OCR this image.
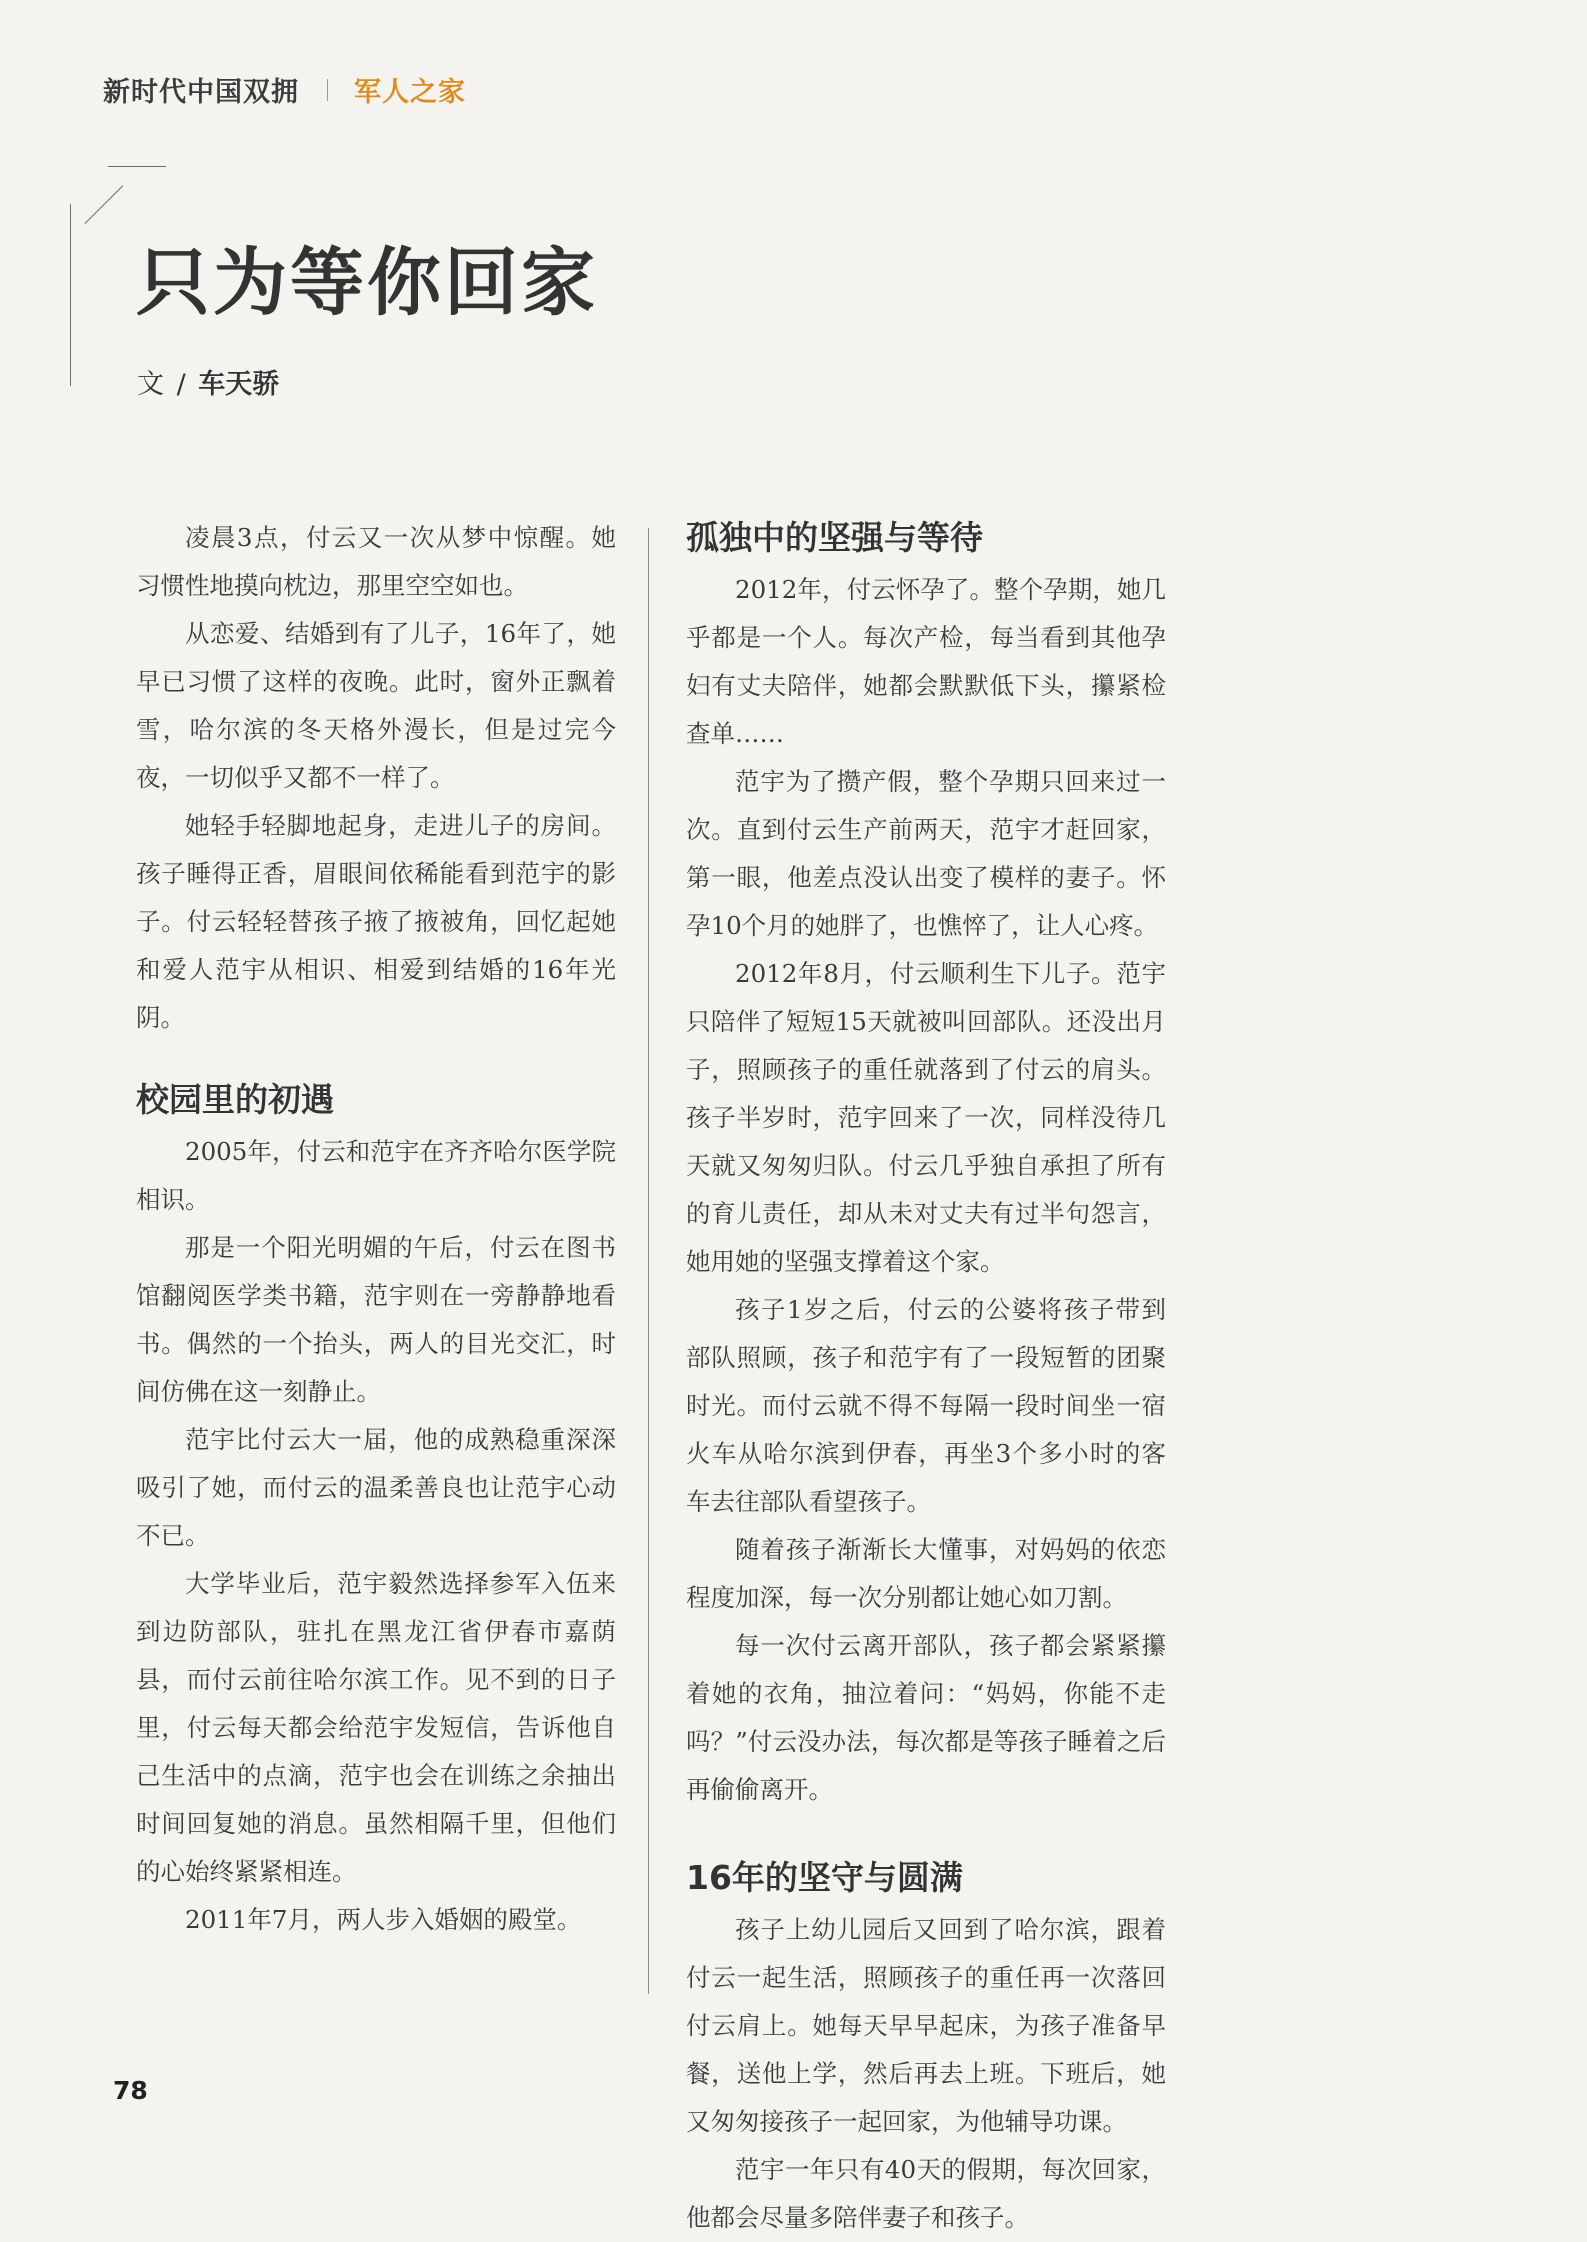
新时代中国双拥 军人之家
只为等你回家
文 / 车天骄

凌晨3点，付云又一次从梦中惊醒。她习惯性地摸向枕边，那里空空如也。

从恋爱、结婚到有了儿子，16年了，她早已习惯了这样的夜晚。此时，窗外正飘着雪，哈尔滨的冬天格外漫长，但是过完今夜，一切似乎又都不一样了。

她轻手轻脚地起身，走进儿子的房间。孩子睡得正香，眉眼间依稀能看到范宇的影子。付云轻轻替孩子掖了掖被角，回忆起她和爱人范宇从相识、相爱到结婚的16年光阴。

校园里的初遇

2005年，付云和范宇在齐齐哈尔医学院相识。

那是一个阳光明媚的午后，付云在图书馆翻阅医学类书籍，范宇则在一旁静静地看书。偶然的一个抬头，两人的目光交汇，时间仿佛在这一刻静止。

范宇比付云大一届，他的成熟稳重深深吸引了她，而付云的温柔善良也让范宇心动不已。

大学毕业后，范宇毅然选择参军入伍来到边防部队，驻扎在黑龙江省伊春市嘉荫县，而付云前往哈尔滨工作。见不到的日子里，付云每天都会给范宇发短信，告诉他自己生活中的点滴，范宇也会在训练之余抽出时间回复她的消息。虽然相隔千里，但他们的心始终紧紧相连。

2011年7月，两人步入婚姻的殿堂。

孤独中的坚强与等待

2012年，付云怀孕了。整个孕期，她几乎都是一个人。每次产检，每当看到其他孕妇有丈夫陪伴，她都会默默低下头，攥紧检查单……

范宇为了攒产假，整个孕期只回来过一次。直到付云生产前两天，范宇才赶回家，第一眼，他差点没认出变了模样的妻子。怀孕10个月的她胖了，也憔悴了，让人心疼。

2012年8月，付云顺利生下儿子。范宇只陪伴了短短15天就被叫回部队。还没出月子，照顾孩子的重任就落到了付云的肩头。孩子半岁时，范宇回来了一次，同样没待几天就又匆匆归队。付云几乎独自承担了所有的育儿责任，却从未对丈夫有过半句怨言，她用她的坚强支撑着这个家。

孩子1岁之后，付云的公婆将孩子带到部队照顾，孩子和范宇有了一段短暂的团聚时光。而付云就不得不每隔一段时间坐一宿火车从哈尔滨到伊春，再坐3个多小时的客车去往部队看望孩子。

随着孩子渐渐长大懂事，对妈妈的依恋程度加深，每一次分别都让她心如刀割。

每一次付云离开部队，孩子都会紧紧攥着她的衣角，抽泣着问：“妈妈，你能不走吗？”付云没办法，每次都是等孩子睡着之后再偷偷离开。

16年的坚守与圆满

孩子上幼儿园后又回到了哈尔滨，跟着付云一起生活，照顾孩子的重任再一次落回付云肩上。她每天早早起床，为孩子准备早餐，送他上学，然后再去上班。下班后，她又匆匆接孩子一起回家，为他辅导功课。

范宇一年只有40天的假期，每次回家，他都会尽量多陪伴妻子和孩子。

78
